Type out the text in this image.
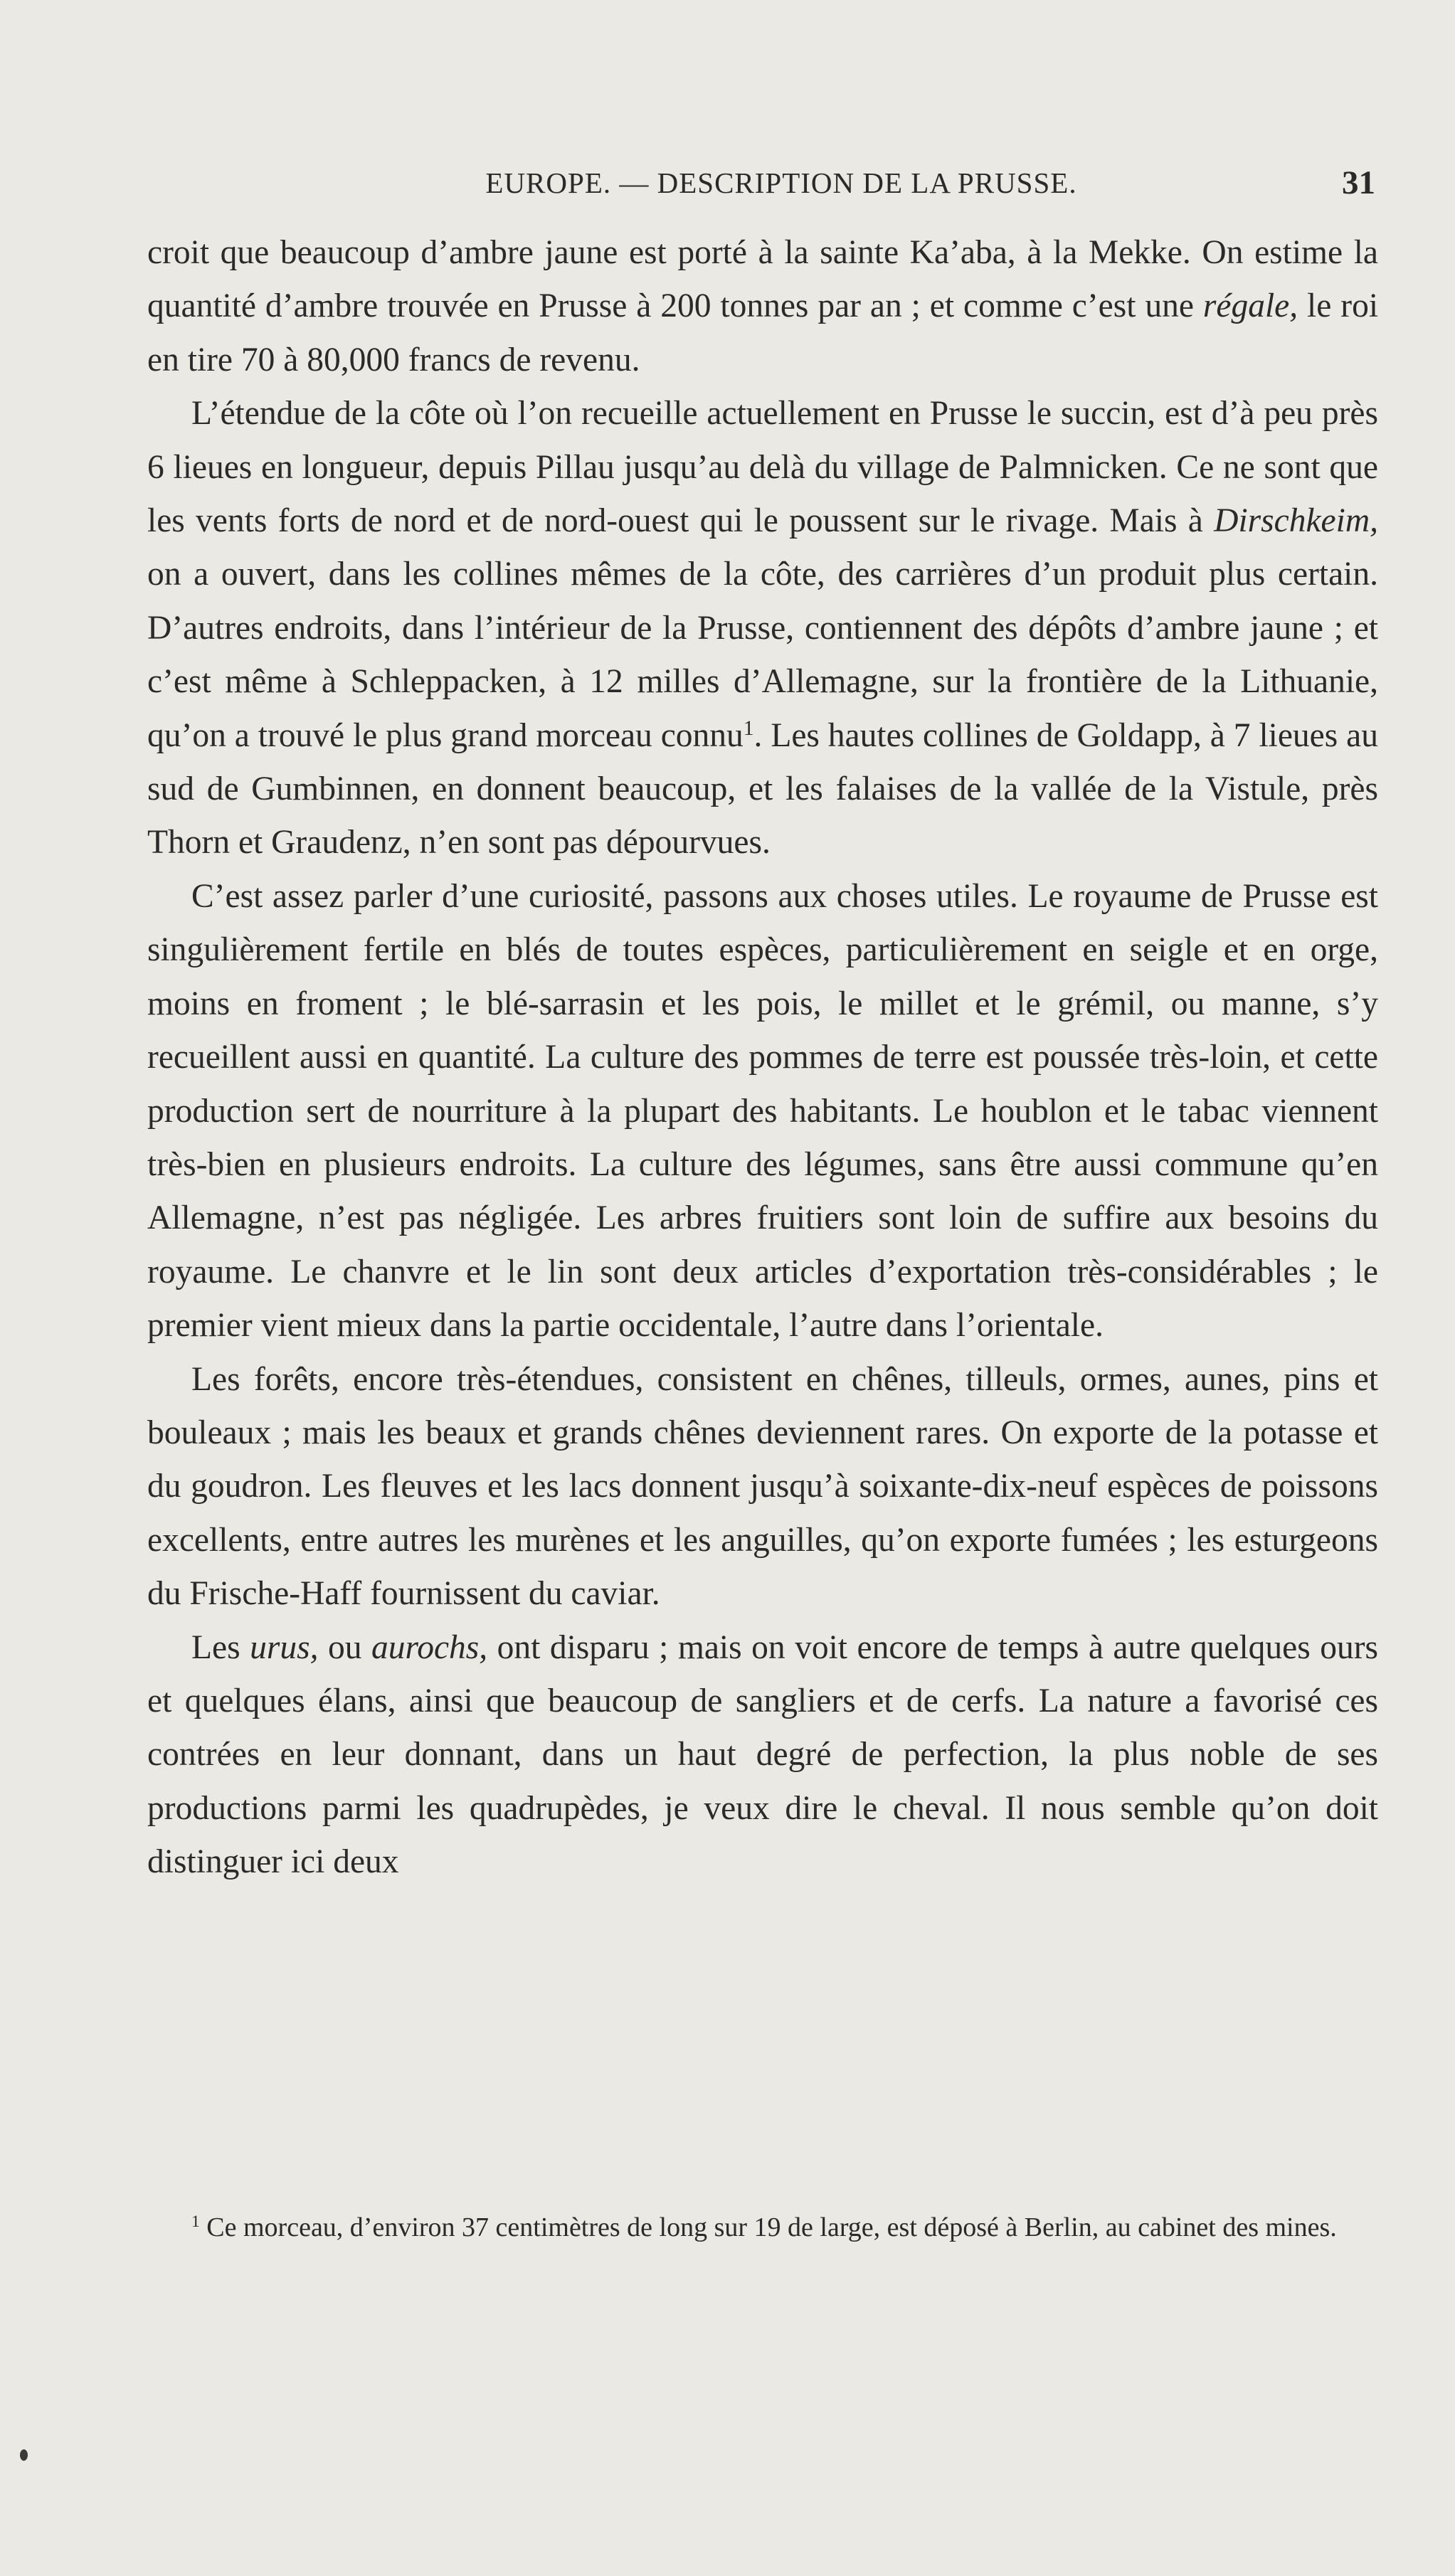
EUROPE. — DESCRIPTION DE LA PRUSSE.	31

croit que beaucoup d’ambre jaune est porté à la sainte Ka’aba, à la Mekke. On estime la quantité d’ambre trouvée en Prusse à 200 tonnes par an ; et comme c’est une régale, le roi en tire 70 à 80,000 francs de revenu.

L’étendue de la côte où l’on recueille actuellement en Prusse le succin, est d’à peu près 6 lieues en longueur, depuis Pillau jusqu’au delà du village de Palmnicken. Ce ne sont que les vents forts de nord et de nord-ouest qui le poussent sur le rivage. Mais à Dirschkeim, on a ouvert, dans les collines mêmes de la côte, des carrières d’un produit plus certain. D’autres endroits, dans l’intérieur de la Prusse, contiennent des dépôts d’ambre jaune ; et c’est même à Schleppacken, à 12 milles d’Allemagne, sur la frontière de la Lithuanie, qu’on a trouvé le plus grand morceau connu$^1$. Les hautes collines de Goldapp, à 7 lieues au sud de Gumbinnen, en donnent beaucoup, et les falaises de la vallée de la Vistule, près Thorn et Graudenz, n’en sont pas dépourvues.

C’est assez parler d’une curiosité, passons aux choses utiles. Le royaume de Prusse est singulièrement fertile en blés de toutes espèces, particulièrement en seigle et en orge, moins en froment ; le blé-sarrasin et les pois, le millet et le grémil, ou manne, s’y recueillent aussi en quantité. La culture des pommes de terre est poussée très-loin, et cette production sert de nourriture à la plupart des habitants. Le houblon et le tabac viennent très-bien en plusieurs endroits. La culture des légumes, sans être aussi commune qu’en Allemagne, n’est pas négligée. Les arbres fruitiers sont loin de suffire aux besoins du royaume. Le chanvre et le lin sont deux articles d’exportation très-considérables ; le premier vient mieux dans la partie occidentale, l’autre dans l’orientale.

Les forêts, encore très-étendues, consistent en chênes, tilleuls, ormes, aunes, pins et bouleaux ; mais les beaux et grands chênes deviennent rares. On exporte de la potasse et du goudron. Les fleuves et les lacs donnent jusqu’à soixante-dix-neuf espèces de poissons excellents, entre autres les murènes et les anguilles, qu’on exporte fumées ; les esturgeons du Frische-Haff fournissent du caviar.

Les urus, ou aurochs, ont disparu ; mais on voit encore de temps à autre quelques ours et quelques élans, ainsi que beaucoup de sangliers et de cerfs. La nature a favorisé ces contrées en leur donnant, dans un haut degré de perfection, la plus noble de ses productions parmi les quadrupèdes, je veux dire le cheval. Il nous semble qu’on doit distinguer ici deux

$^1$ Ce morceau, d’environ 37 centimètres de long sur 19 de large, est déposé à Berlin, au cabinet des mines.
